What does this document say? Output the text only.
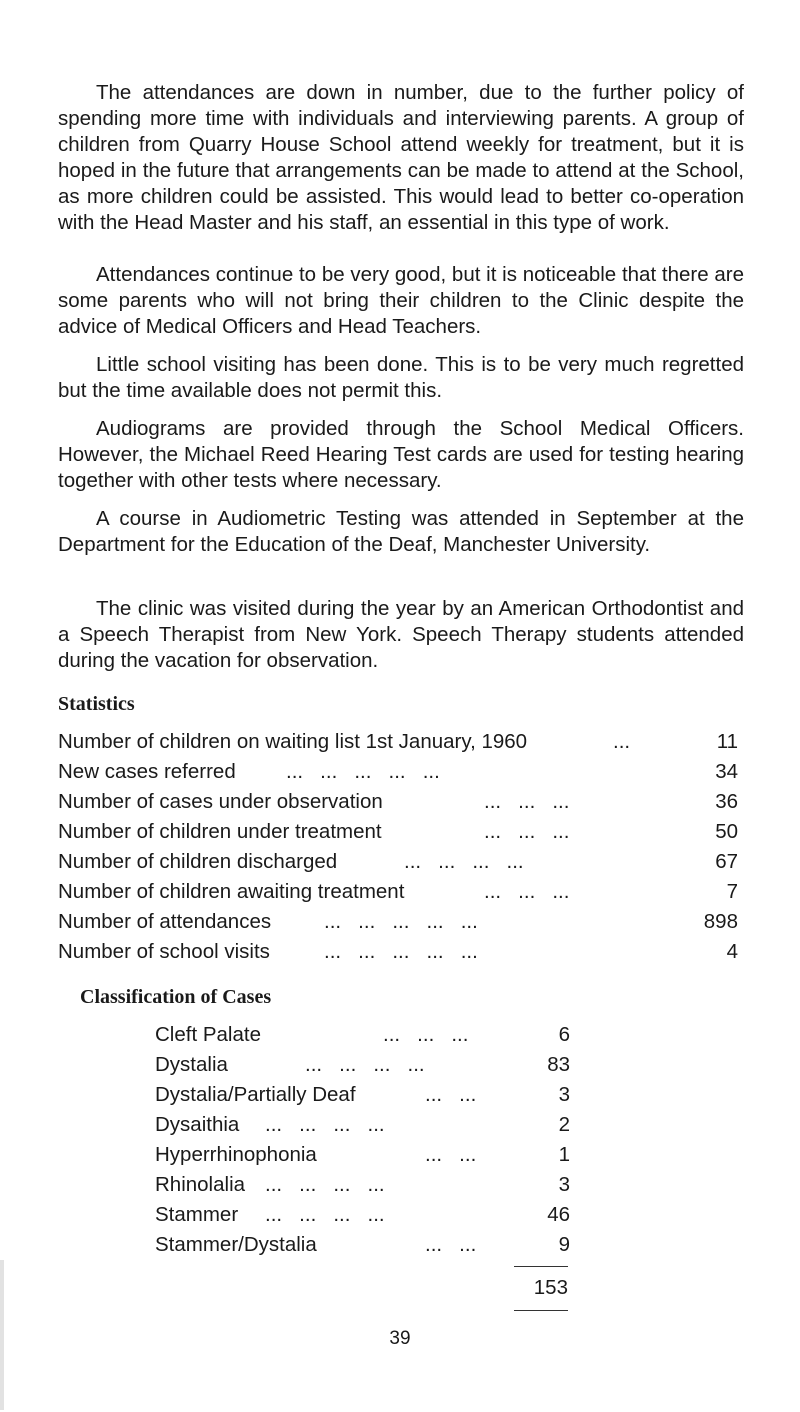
The attendances are down in number, due to the further policy of spending more time with individuals and interviewing parents. A group of children from Quarry House School attend weekly for treatment, but it is hoped in the future that arrangements can be made to attend at the School, as more children could be assisted. This would lead to better co-operation with the Head Master and his staff, an essential in this type of work.

Attendances continue to be very good, but it is noticeable that there are some parents who will not bring their children to the Clinic despite the advice of Medical Officers and Head Teachers.

Little school visiting has been done. This is to be very much regretted but the time available does not permit this.

Audiograms are provided through the School Medical Officers. However, the Michael Reed Hearing Test cards are used for testing hearing together with other tests where necessary.

A course in Audiometric Testing was attended in September at the Department for the Education of the Deaf, Manchester University.

The clinic was visited during the year by an American Orthodontist and a Speech Therapist from New York. Speech Therapy students attended during the vacation for observation.

Statistics
Number of children on waiting list 1st January, 1960	...	11
New cases referred ...   ...   ...   ...   ...	34
Number of cases under observation	...   ...   ...	36
Number of children under treatment	...   ...   ...	50
Number of children discharged	...   ...   ...   ...	67
Number of children awaiting treatment	...   ...   ...	7
Number of attendances	...   ...   ...   ...   ...	898
Number of school visits	...   ...   ...   ...   ...	4
Classification of Cases
Cleft Palate	...   ...   ...	6
Dystalia	...   ...   ...   ...	83
Dystalia/Partially Deaf	...   ...	3
Dysaithia ...   ...   ...   ...	2
Hyperrhinophonia	...   ...	1
Rhinolalia ...   ...   ...   ...	3
Stammer ...   ...   ...   ...	46
Stammer/Dystalia	...   ...	9
153
39
